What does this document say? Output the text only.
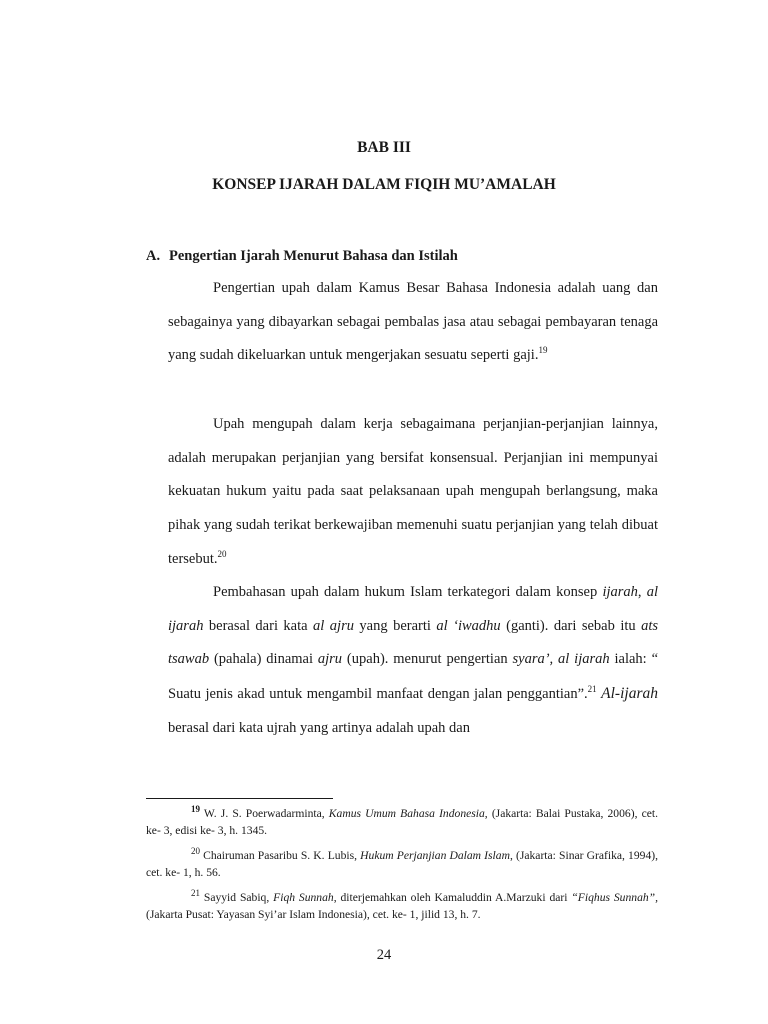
BAB III
KONSEP IJARAH DALAM FIQIH MU’AMALAH
A. Pengertian Ijarah Menurut Bahasa dan Istilah

Pengertian upah dalam Kamus Besar Bahasa Indonesia adalah uang dan sebagainya yang dibayarkan sebagai pembalas jasa atau sebagai pembayaran tenaga yang sudah dikeluarkan untuk mengerjakan sesuatu seperti gaji.$^{19}$

Upah mengupah dalam kerja sebagaimana perjanjian-perjanjian lainnya, adalah merupakan perjanjian yang bersifat konsensual. Perjanjian ini mempunyai kekuatan hukum yaitu pada saat pelaksanaan upah mengupah berlangsung, maka pihak yang sudah terikat berkewajiban memenuhi suatu perjanjian yang telah dibuat tersebut.$^{20}$

Pembahasan upah dalam hukum Islam terkategori dalam konsep ijarah, al ijarah berasal dari kata al ajru yang berarti al ‘iwadhu (ganti). dari sebab itu ats tsawab (pahala) dinamai ajru (upah). menurut pengertian syara’, al ijarah ialah: “ Suatu jenis akad untuk mengambil manfaat dengan jalan penggantian”.$^{21}$ Al-ijarah berasal dari kata ujrah yang artinya adalah upah dan

$^{19}$ W. J. S. Poerwadarminta, Kamus Umum Bahasa Indonesia, (Jakarta: Balai Pustaka, 2006), cet. ke- 3, edisi ke- 3, h. 1345.

$^{20}$ Chairuman Pasaribu S. K. Lubis, Hukum Perjanjian Dalam Islam, (Jakarta: Sinar Grafika, 1994), cet. ke- 1, h. 56.

$^{21}$ Sayyid Sabiq, Fiqh Sunnah, diterjemahkan oleh Kamaluddin A.Marzuki dari “Fiqhus Sunnah”, (Jakarta Pusat: Yayasan Syi’ar Islam Indonesia), cet. ke- 1, jilid 13, h. 7.

24
